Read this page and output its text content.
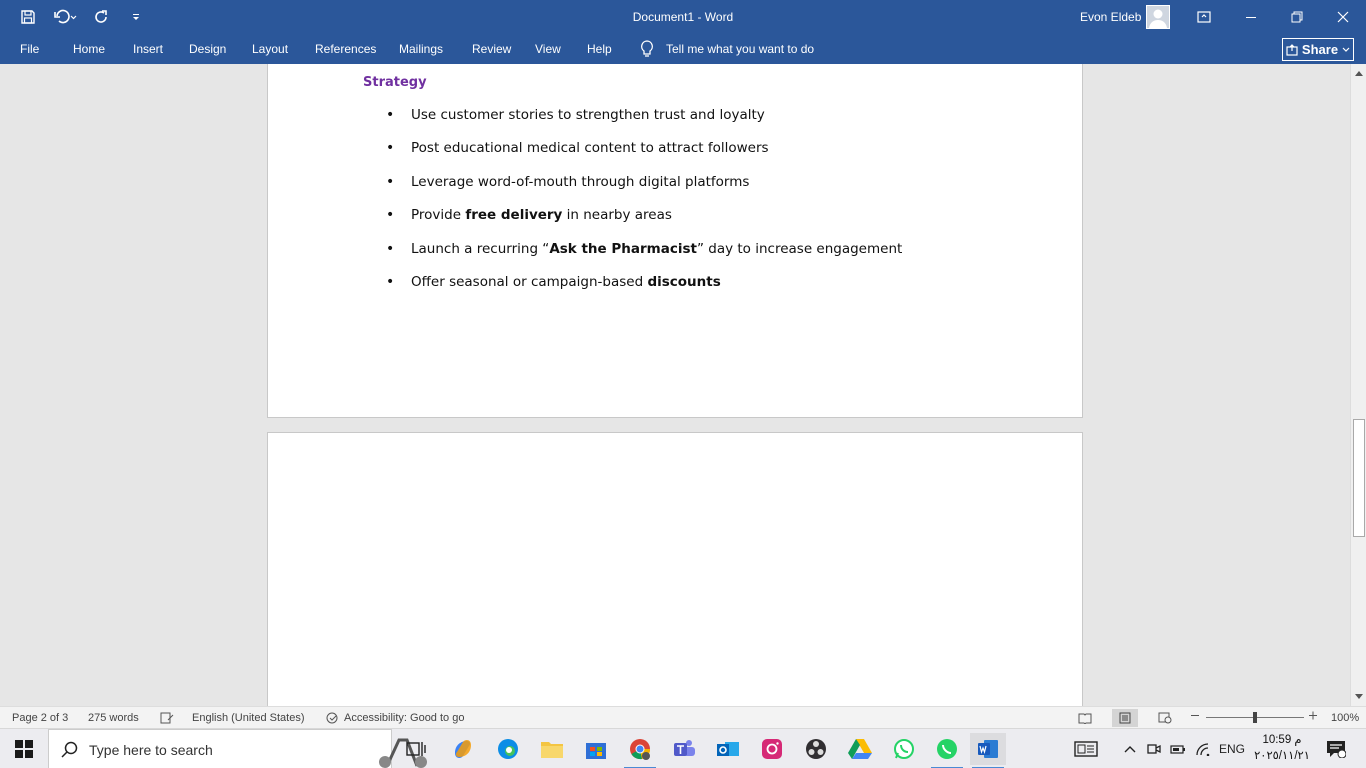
Document1 - Word	Evon Eldeb
File	Home Insert Design Layout References Mailings Review View Help	Tell me what you want to do	Share
Strategy
• Use customer stories to strengthen trust and loyalty
• Post educational medical content to attract followers
• Leverage word-of-mouth through digital platforms
• Provide free delivery in nearby areas
• Launch a recurring “Ask the Pharmacist” day to increase engagement
• Offer seasonal or campaign-based discounts
Page 2 of 3 275 words	English (United States)	Accessibility: Good to go	100%
Type here to search	ENG
10:59 م
٢٠٢٥/١١/٢١
